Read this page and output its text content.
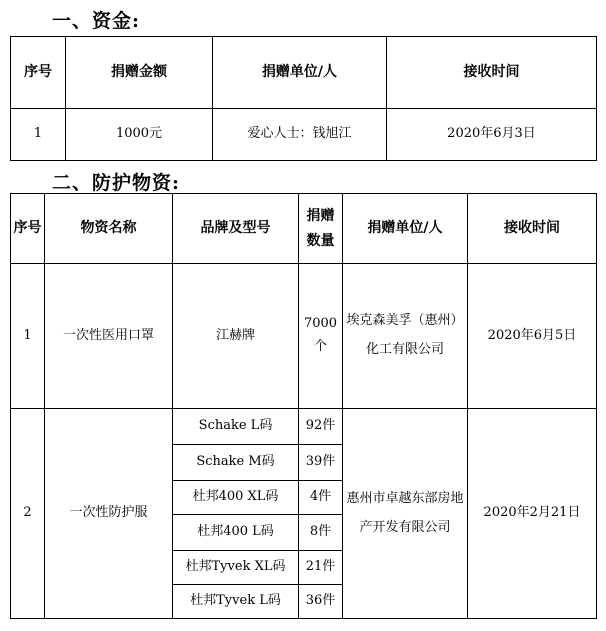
一、资金:
序号	捐赠金额	捐赠单位/人	接收时间
1	1000元	爱心人士：钱旭江	2020年6月3日
二、防护物资:
序号	物资名称	品牌及型号	捐赠数量	捐赠单位/人	接收时间
1	一次性医用口罩	江赫牌	7000个	埃克森美孚（惠州）化工有限公司	2020年6月5日
2	一次性防护服	Schake L码	92件	惠州市卓越东部房地产开发有限公司	2020年2月21日
		Schake M码	39件		
		杜邦400 XL码	4件		
		杜邦400 L码	8件		
		杜邦Tyvek XL码	21件		
		杜邦Tyvek L码	36件		
